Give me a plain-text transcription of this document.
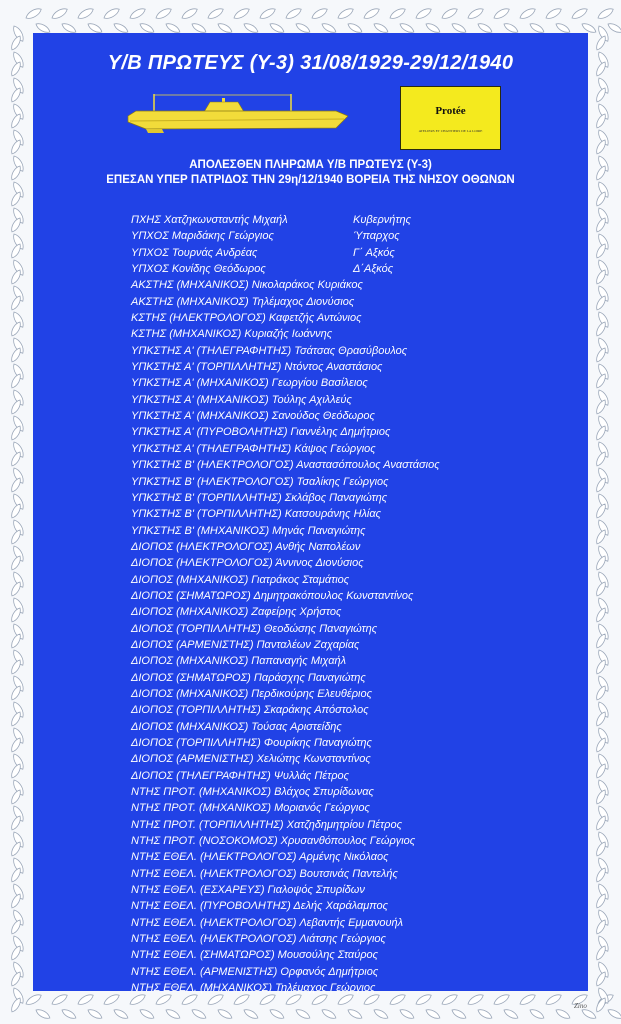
Υ/Β ΠΡΩΤΕΥΣ (Υ-3) 31/08/1929-29/12/1940
Protée
ATELIERS ET CHANTIERS DE LA LOIRE
ΑΠΟΛΕΣΘΕΝ ΠΛΗΡΩΜΑ Υ/Β ΠΡΩΤΕΥΣ (Υ-3)
ΕΠΕΣΑΝ ΥΠΕΡ ΠΑΤΡΙΔΟΣ ΤΗΝ 29η/12/1940 ΒΟΡΕΙΑ ΤΗΣ ΝΗΣΟΥ ΟΘΩΝΩΝ
ΠΧΗΣ Χατζηκωνσταντής Μιχαήλ	Κυβερνήτης
ΥΠΧΟΣ Μαριδάκης Γεώργιος	Ύπαρχος
ΥΠΧΟΣ Τουρνάς Ανδρέας	Γ΄ Αξκός
ΥΠΧΟΣ Κονίδης Θεόδωρος	Δ΄Αξκός
ΑΚΣΤΗΣ (ΜΗΧΑΝΙΚΟΣ) Νικολαράκος Κυριάκος
ΑΚΣΤΗΣ (ΜΗΧΑΝΙΚΟΣ) Τηλέμαχος Διονύσιος
ΚΣΤΗΣ (ΗΛΕΚΤΡΟΛΟΓΟΣ) Καφετζής Αντώνιος
ΚΣΤΗΣ (ΜΗΧΑΝΙΚΟΣ) Κυριαζής Ιωάννης
ΥΠΚΣΤΗΣ Α' (ΤΗΛΕΓΡΑΦΗΤΗΣ) Τσάτσας Θρασύβουλος
ΥΠΚΣΤΗΣ Α' (ΤΟΡΠΙΛΛΗΤΗΣ) Ντόντος Αναστάσιος
ΥΠΚΣΤΗΣ Α' (ΜΗΧΑΝΙΚΟΣ) Γεωργίου Βασίλειος
ΥΠΚΣΤΗΣ Α' (ΜΗΧΑΝΙΚΟΣ) Τούλης Αχιλλεύς
ΥΠΚΣΤΗΣ Α' (ΜΗΧΑΝΙΚΟΣ) Σανούδος Θεόδωρος
ΥΠΚΣΤΗΣ Α' (ΠΥΡΟΒΟΛΗΤΗΣ) Γιαννέλης Δημήτριος
ΥΠΚΣΤΗΣ Α' (ΤΗΛΕΓΡΑΦΗΤΗΣ) Κάψος Γεώργιος
ΥΠΚΣΤΗΣ Β' (ΗΛΕΚΤΡΟΛΟΓΟΣ) Αναστασόπουλος Αναστάσιος
ΥΠΚΣΤΗΣ Β' (ΗΛΕΚΤΡΟΛΟΓΟΣ) Τσαλίκης Γεώργιος
ΥΠΚΣΤΗΣ Β' (ΤΟΡΠΙΛΛΗΤΗΣ) Σκλάβος Παναγιώτης
ΥΠΚΣΤΗΣ Β' (ΤΟΡΠΙΛΛΗΤΗΣ) Κατσουράνης Ηλίας
ΥΠΚΣΤΗΣ Β' (ΜΗΧΑΝΙΚΟΣ) Μηνάς Παναγιώτης
ΔΙΟΠΟΣ (ΗΛΕΚΤΡΟΛΟΓΟΣ) Ανθής Ναπολέων
ΔΙΟΠΟΣ (ΗΛΕΚΤΡΟΛΟΓΟΣ) Άννινος Διονύσιος
ΔΙΟΠΟΣ (ΜΗΧΑΝΙΚΟΣ) Γιατράκος Σταμάτιος
ΔΙΟΠΟΣ (ΣΗΜΑΤΩΡΟΣ) Δημητρακόπουλος Κωνσταντίνος
ΔΙΟΠΟΣ (ΜΗΧΑΝΙΚΟΣ) Ζαφείρης Χρήστος
ΔΙΟΠΟΣ (ΤΟΡΠΙΛΛΗΤΗΣ) Θεοδώσης Παναγιώτης
ΔΙΟΠΟΣ (ΑΡΜΕΝΙΣΤΗΣ) Πανταλέων Ζαχαρίας
ΔΙΟΠΟΣ (ΜΗΧΑΝΙΚΟΣ) Παπαναγής Μιχαήλ
ΔΙΟΠΟΣ (ΣΗΜΑΤΩΡΟΣ) Παράσχης Παναγιώτης
ΔΙΟΠΟΣ (ΜΗΧΑΝΙΚΟΣ) Περδικούρης Ελευθέριος
ΔΙΟΠΟΣ (ΤΟΡΠΙΛΛΗΤΗΣ) Σκαράκης Απόστολος
ΔΙΟΠΟΣ (ΜΗΧΑΝΙΚΟΣ) Τούσας Αριστείδης
ΔΙΟΠΟΣ (ΤΟΡΠΙΛΛΗΤΗΣ) Φουρίκης Παναγιώτης
ΔΙΟΠΟΣ (ΑΡΜΕΝΙΣΤΗΣ) Χελιώτης Κωνσταντίνος
ΔΙΟΠΟΣ (ΤΗΛΕΓΡΑΦΗΤΗΣ) Ψυλλάς Πέτρος
ΝΤΗΣ ΠΡΟΤ. (ΜΗΧΑΝΙΚΟΣ) Βλάχος Σπυρίδωνας
ΝΤΗΣ ΠΡΟΤ. (ΜΗΧΑΝΙΚΟΣ) Μοριανός Γεώργιος
ΝΤΗΣ ΠΡΟΤ. (ΤΟΡΠΙΛΛΗΤΗΣ) Χατζηδημητρίου Πέτρος
ΝΤΗΣ ΠΡΟΤ. (ΝΟΣΟΚΟΜΟΣ) Χρυσανθόπουλος Γεώργιος
ΝΤΗΣ ΕΘΕΛ. (ΗΛΕΚΤΡΟΛΟΓΟΣ) Αρμένης Νικόλαος
ΝΤΗΣ ΕΘΕΛ. (ΗΛΕΚΤΡΟΛΟΓΟΣ) Βουτσινάς Παντελής
ΝΤΗΣ ΕΘΕΛ. (ΕΣΧΑΡΕΥΣ) Γιαλοψός Σπυρίδων
ΝΤΗΣ ΕΘΕΛ. (ΠΥΡΟΒΟΛΗΤΗΣ) Δελής Χαράλαμπος
ΝΤΗΣ ΕΘΕΛ. (ΗΛΕΚΤΡΟΛΟΓΟΣ) Λεβαντής Εμμανουήλ
ΝΤΗΣ ΕΘΕΛ. (ΗΛΕΚΤΡΟΛΟΓΟΣ) Λιάτσης Γεώργιος
ΝΤΗΣ ΕΘΕΛ. (ΣΗΜΑΤΩΡΟΣ) Μουσούλης Σταύρος
ΝΤΗΣ ΕΘΕΛ. (ΑΡΜΕΝΙΣΤΗΣ) Ορφανός Δημήτριος
ΝΤΗΣ ΕΘΕΛ. (ΜΗΧΑΝΙΚΟΣ) Τηλέμαχος Γεώργιος
Zino
